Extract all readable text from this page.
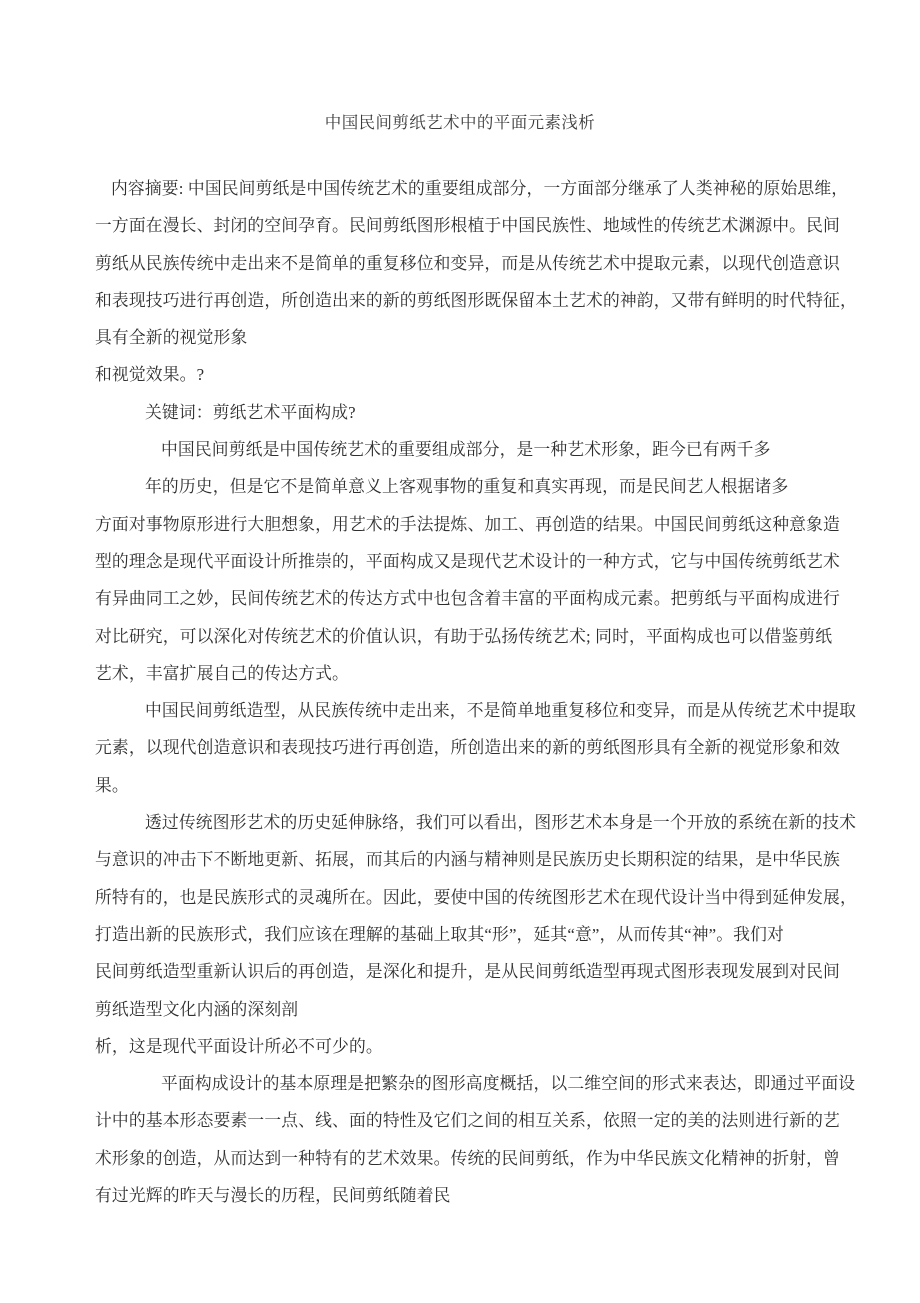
中国民间剪纸艺术中的平面元素浅析
内容摘要: 中国民间剪纸是中国传统艺术的重要组成部分，一方面部分继承了人类神秘的原始思维，
一方面在漫长、封闭的空间孕育。民间剪纸图形根植于中国民族性、地域性的传统艺术渊源中。民间
剪纸从民族传统中走出来不是简单的重复移位和变异，而是从传统艺术中提取元素，以现代创造意识
和表现技巧进行再创造，所创造出来的新的剪纸图形既保留本土艺术的神韵，又带有鲜明的时代特征，
具有全新的视觉形象
和视觉效果。?
关键词：剪纸艺术平面构成?
中国民间剪纸是中国传统艺术的重要组成部分，是一种艺术形象，距今已有两千多
年的历史，但是它不是简单意义上客观事物的重复和真实再现，而是民间艺人根据诸多
方面对事物原形进行大胆想象，用艺术的手法提炼、加工、再创造的结果。中国民间剪纸这种意象造
型的理念是现代平面设计所推崇的，平面构成又是现代艺术设计的一种方式，它与中国传统剪纸艺术
有异曲同工之妙，民间传统艺术的传达方式中也包含着丰富的平面构成元素。把剪纸与平面构成进行
对比研究，可以深化对传统艺术的价值认识，有助于弘扬传统艺术; 同时，平面构成也可以借鉴剪纸
艺术，丰富扩展自己的传达方式。
中国民间剪纸造型，从民族传统中走出来，不是简单地重复移位和变异，而是从传统艺术中提取
元素，以现代创造意识和表现技巧进行再创造，所创造出来的新的剪纸图形具有全新的视觉形象和效
果。
透过传统图形艺术的历史延伸脉络，我们可以看出，图形艺术本身是一个开放的系统在新的技术
与意识的冲击下不断地更新、拓展，而其后的内涵与精神则是民族历史长期积淀的结果，是中华民族
所特有的，也是民族形式的灵魂所在。因此，要使中国的传统图形艺术在现代设计当中得到延伸发展，
打造出新的民族形式，我们应该在理解的基础上取其“形”，延其“意”，从而传其“神”。我们对
民间剪纸造型重新认识后的再创造，是深化和提升，是从民间剪纸造型再现式图形表现发展到对民间
剪纸造型文化内涵的深刻剖
析，这是现代平面设计所必不可少的。
平面构成设计的基本原理是把繁杂的图形高度概括，以二维空间的形式来表达，即通过平面设
计中的基本形态要素一一点、线、面的特性及它们之间的相互关系，依照一定的美的法则进行新的艺
术形象的创造，从而达到一种特有的艺术效果。传统的民间剪纸，作为中华民族文化精神的折射，曾
有过光辉的昨天与漫长的历程，民间剪纸随着民
